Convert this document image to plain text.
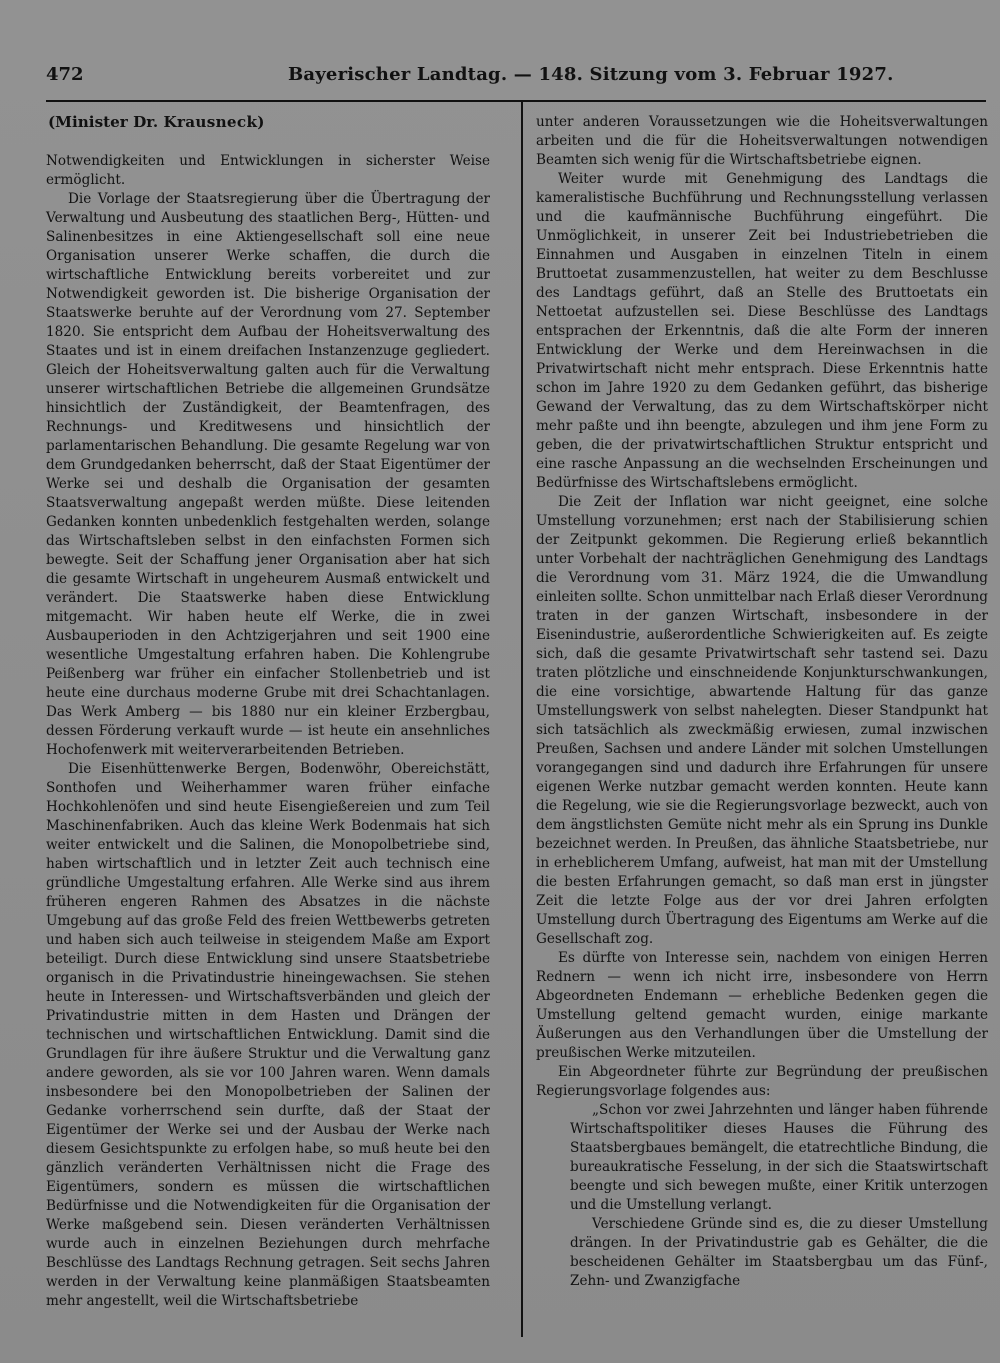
472	Bayerischer Landtag. — 148. Sitzung vom 3. Februar 1927.
(Minister Dr. Krausneck)

Notwendigkeiten und Entwicklungen in sicherster Weise ermöglicht.

Die Vorlage der Staatsregierung über die Übertragung der Verwaltung und Ausbeutung des staatlichen Berg-, Hütten- und Salinenbesitzes in eine Aktiengesellschaft soll eine neue Organisation unserer Werke schaffen, die durch die wirtschaftliche Entwicklung bereits vorbereitet und zur Notwendigkeit geworden ist. Die bisherige Organisation der Staatswerke beruhte auf der Verordnung vom 27. September 1820. Sie entspricht dem Aufbau der Hoheitsverwaltung des Staates und ist in einem dreifachen Instanzenzuge gegliedert. Gleich der Hoheitsverwaltung galten auch für die Verwaltung unserer wirtschaftlichen Betriebe die allgemeinen Grundsätze hinsichtlich der Zuständigkeit, der Beamtenfragen, des Rechnungs- und Kreditwesens und hinsichtlich der parlamentarischen Behandlung. Die gesamte Regelung war von dem Grundgedanken beherrscht, daß der Staat Eigentümer der Werke sei und deshalb die Organisation der gesamten Staatsverwaltung angepaßt werden müßte. Diese leitenden Gedanken konnten unbedenklich festgehalten werden, solange das Wirtschaftsleben selbst in den einfachsten Formen sich bewegte. Seit der Schaffung jener Organisation aber hat sich die gesamte Wirtschaft in ungeheurem Ausmaß entwickelt und verändert. Die Staatswerke haben diese Entwicklung mitgemacht. Wir haben heute elf Werke, die in zwei Ausbauperioden in den Achtzigerjahren und seit 1900 eine wesentliche Umgestaltung erfahren haben. Die Kohlengrube Peißenberg war früher ein einfacher Stollenbetrieb und ist heute eine durchaus moderne Grube mit drei Schachtanlagen. Das Werk Amberg — bis 1880 nur ein kleiner Erzbergbau, dessen Förderung verkauft wurde — ist heute ein ansehnliches Hochofenwerk mit weiterverarbeitenden Betrieben.

Die Eisenhüttenwerke Bergen, Bodenwöhr, Obereichstätt, Sonthofen und Weiherhammer waren früher einfache Hochkohlenöfen und sind heute Eisengießereien und zum Teil Maschinenfabriken. Auch das kleine Werk Bodenmais hat sich weiter entwickelt und die Salinen, die Monopolbetriebe sind, haben wirtschaftlich und in letzter Zeit auch technisch eine gründliche Umgestaltung erfahren. Alle Werke sind aus ihrem früheren engeren Rahmen des Absatzes in die nächste Umgebung auf das große Feld des freien Wettbewerbs getreten und haben sich auch teilweise in steigendem Maße am Export beteiligt. Durch diese Entwicklung sind unsere Staatsbetriebe organisch in die Privatindustrie hineingewachsen. Sie stehen heute in Interessen- und Wirtschaftsverbänden und gleich der Privatindustrie mitten in dem Hasten und Drängen der technischen und wirtschaftlichen Entwicklung. Damit sind die Grundlagen für ihre äußere Struktur und die Verwaltung ganz andere geworden, als sie vor 100 Jahren waren. Wenn damals insbesondere bei den Monopolbetrieben der Salinen der Gedanke vorherrschend sein durfte, daß der Staat der Eigentümer der Werke sei und der Ausbau der Werke nach diesem Gesichtspunkte zu erfolgen habe, so muß heute bei den gänzlich veränderten Verhältnissen nicht die Frage des Eigentümers, sondern es müssen die wirtschaftlichen Bedürfnisse und die Notwendigkeiten für die Organisation der Werke maßgebend sein. Diesen veränderten Verhältnissen wurde auch in einzelnen Beziehungen durch mehrfache Beschlüsse des Landtags Rechnung getragen. Seit sechs Jahren werden in der Verwaltung keine planmäßigen Staatsbeamten mehr angestellt, weil die Wirtschaftsbetriebe

unter anderen Voraussetzungen wie die Hoheitsverwaltungen arbeiten und die für die Hoheitsverwaltungen notwendigen Beamten sich wenig für die Wirtschaftsbetriebe eignen.

Weiter wurde mit Genehmigung des Landtags die kameralistische Buchführung und Rechnungsstellung verlassen und die kaufmännische Buchführung eingeführt. Die Unmöglichkeit, in unserer Zeit bei Industriebetrieben die Einnahmen und Ausgaben in einzelnen Titeln in einem Bruttoetat zusammenzustellen, hat weiter zu dem Beschlusse des Landtags geführt, daß an Stelle des Bruttoetats ein Nettoetat aufzustellen sei. Diese Beschlüsse des Landtags entsprachen der Erkenntnis, daß die alte Form der inneren Entwicklung der Werke und dem Hereinwachsen in die Privatwirtschaft nicht mehr entsprach. Diese Erkenntnis hatte schon im Jahre 1920 zu dem Gedanken geführt, das bisherige Gewand der Verwaltung, das zu dem Wirtschaftskörper nicht mehr paßte und ihn beengte, abzulegen und ihm jene Form zu geben, die der privatwirtschaftlichen Struktur entspricht und eine rasche Anpassung an die wechselnden Erscheinungen und Bedürfnisse des Wirtschaftslebens ermöglicht.

Die Zeit der Inflation war nicht geeignet, eine solche Umstellung vorzunehmen; erst nach der Stabilisierung schien der Zeitpunkt gekommen. Die Regierung erließ bekanntlich unter Vorbehalt der nachträglichen Genehmigung des Landtags die Verordnung vom 31. März 1924, die die Umwandlung einleiten sollte. Schon unmittelbar nach Erlaß dieser Verordnung traten in der ganzen Wirtschaft, insbesondere in der Eisenindustrie, außerordentliche Schwierigkeiten auf. Es zeigte sich, daß die gesamte Privatwirtschaft sehr tastend sei. Dazu traten plötzliche und einschneidende Konjunkturschwankungen, die eine vorsichtige, abwartende Haltung für das ganze Umstellungswerk von selbst nahelegten. Dieser Standpunkt hat sich tatsächlich als zweckmäßig erwiesen, zumal inzwischen Preußen, Sachsen und andere Länder mit solchen Umstellungen vorangegangen sind und dadurch ihre Erfahrungen für unsere eigenen Werke nutzbar gemacht werden konnten. Heute kann die Regelung, wie sie die Regierungsvorlage bezweckt, auch von dem ängstlichsten Gemüte nicht mehr als ein Sprung ins Dunkle bezeichnet werden. In Preußen, das ähnliche Staatsbetriebe, nur in erheblicherem Umfang, aufweist, hat man mit der Umstellung die besten Erfahrungen gemacht, so daß man erst in jüngster Zeit die letzte Folge aus der vor drei Jahren erfolgten Umstellung durch Übertragung des Eigentums am Werke auf die Gesellschaft zog.

Es dürfte von Interesse sein, nachdem von einigen Herren Rednern — wenn ich nicht irre, insbesondere von Herrn Abgeordneten Endemann — erhebliche Bedenken gegen die Umstellung geltend gemacht wurden, einige markante Äußerungen aus den Verhandlungen über die Umstellung der preußischen Werke mitzuteilen.

Ein Abgeordneter führte zur Begründung der preußischen Regierungsvorlage folgendes aus:

„Schon vor zwei Jahrzehnten und länger haben führende Wirtschaftspolitiker dieses Hauses die Führung des Staatsbergbaues bemängelt, die etatrechtliche Bindung, die bureaukratische Fesselung, in der sich die Staatswirtschaft beengte und sich bewegen mußte, einer Kritik unterzogen und die Umstellung verlangt.

Verschiedene Gründe sind es, die zu dieser Umstellung drängen. In der Privatindustrie gab es Gehälter, die die bescheidenen Gehälter im Staatsbergbau um das Fünf-, Zehn- und Zwanzigfache
